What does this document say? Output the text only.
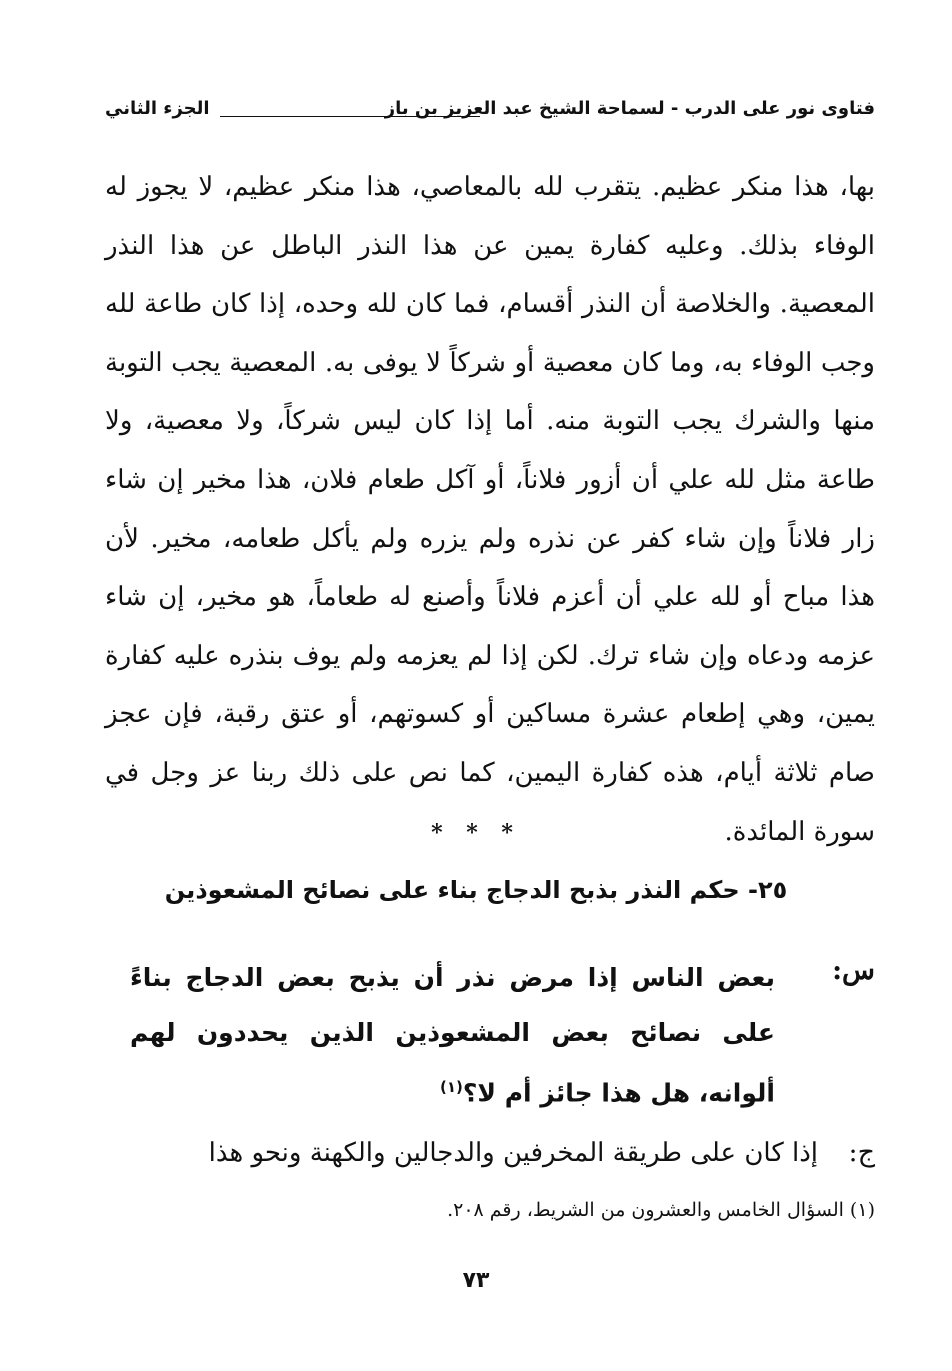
فتاوى نور على الدرب - لسماحة الشيخ عبد العزيز بن باز
الجزء الثاني

بها، هذا منكر عظيم. يتقرب لله بالمعاصي، هذا منكر عظيم، لا يجوز له الوفاء بذلك. وعليه كفارة يمين عن هذا النذر الباطل عن هذا النذر المعصية. والخلاصة أن النذر أقسام، فما كان لله وحده، إذا كان طاعة لله وجب الوفاء به، وما كان معصية أو شركاً لا يوفى به. المعصية يجب التوبة منها والشرك يجب التوبة منه. أما إذا كان ليس شركاً، ولا معصية، ولا طاعة مثل لله علي أن أزور فلاناً، أو آكل طعام فلان، هذا مخير إن شاء زار فلاناً وإن شاء كفر عن نذره ولم يزره ولم يأكل طعامه، مخير. لأن هذا مباح أو لله علي أن أعزم فلاناً وأصنع له طعاماً، هو مخير، إن شاء عزمه ودعاه وإن شاء ترك. لكن إذا لم يعزمه ولم يوف بنذره عليه كفارة يمين، وهي إطعام عشرة مساكين أو كسوتهم، أو عتق رقبة، فإن عجز صام ثلاثة أيام، هذه كفارة اليمين، كما نص على ذلك ربنا عز وجل في سورة المائدة.

* * *
٢٥- حكم النذر بذبح الدجاج بناء على نصائح المشعوذين
س:

بعض الناس إذا مرض نذر أن يذبح بعض الدجاج بناءً على نصائح بعض المشعوذين الذين يحددون لهم ألوانه، هل هذا جائز أم لا؟$^{(١)}$

ج:

إذا كان على طريقة المخرفين والدجالين والكهنة ونحو هذا

(١) السؤال الخامس والعشرون من الشريط، رقم ٢٠٨.
٧٣
